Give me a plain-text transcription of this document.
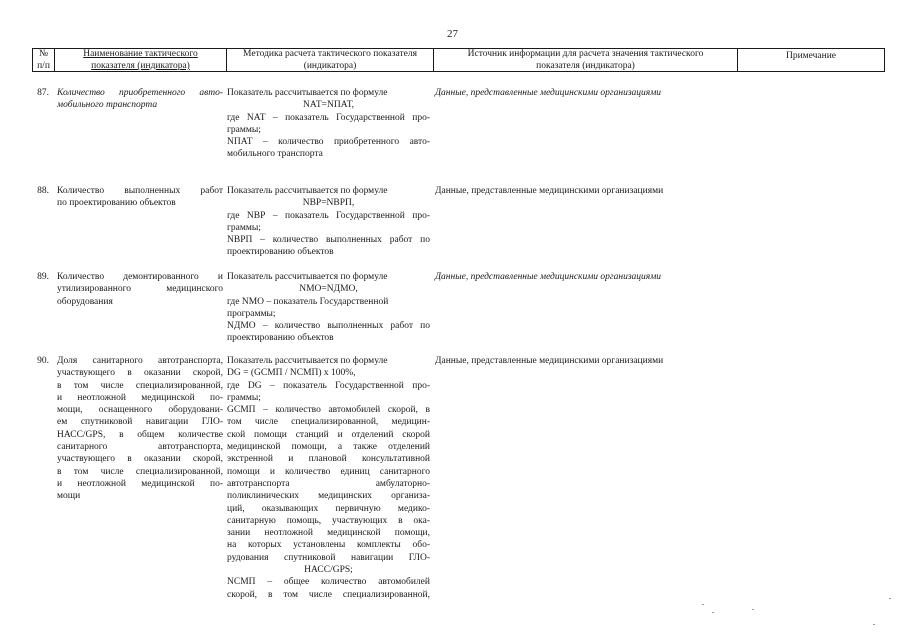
27
№
п/п
Наименование тактического
показателя (индикатора)
Методика расчета тактического показателя
(индикатора)
Источник информации для расчета значения тактического
показателя (индикатора)
Примечание
87. Количество приобретенного авто-
мобильного транспорта
Показатель рассчитывается по формуле
NАТ=NПАТ,
где NАТ – показатель Государственной про-
граммы;
NПАТ – количество приобретенного авто-
мобильного транспорта
Данные, представленные медицинскими организациями
88. Количество выполненных работ
по проектированию объектов
Показатель рассчитывается по формуле
NВР=NВРП,
где NВР – показатель Государственной про-
граммы;
NВРП – количество выполненных работ по
проектированию объектов
Данные, представленные медицинскими организациями
89. Количество демонтированного и
утилизированного медицинского
оборудования
Показатель рассчитывается по формуле
NМО=NДМО,
где NМО – показатель Государственной
программы;
NДМО – количество выполненных работ по
проектированию объектов
Данные, представленные медицинскими организациями
90. Доля санитарного автотранспорта,
участвующего в оказании скорой,
в том числе специализированной,
и неотложной медицинской по-
мощи, оснащенного оборудовани-
ем спутниковой навигации ГЛО-
НАСС/GPS, в общем количестве
санитарного автотранспорта,
участвующего в оказании скорой,
в том числе специализированной,
и неотложной медицинской по-
мощи
Показатель рассчитывается по формуле
DG = (GСМП / NСМП) x 100%,
где DG – показатель Государственной про-
граммы;
GСМП – количество автомобилей скорой, в
том числе специализированной, медицин-
ской помощи станций и отделений скорой
медицинской помощи, а также отделений
экстренной и плановой консультативной
помощи и количество единиц санитарного
автотранспорта амбулаторно-
поликлинических медицинских организа-
ций, оказывающих первичную медико-
санитарную помощь, участвующих в ока-
зании неотложной медицинской помощи,
на которых установлены комплекты обо-
рудования спутниковой навигации ГЛО-
НАСС/GPS;
NСМП – общее количество автомобилей
скорой, в том числе специализированной,
Данные, представленные медицинскими организациями
